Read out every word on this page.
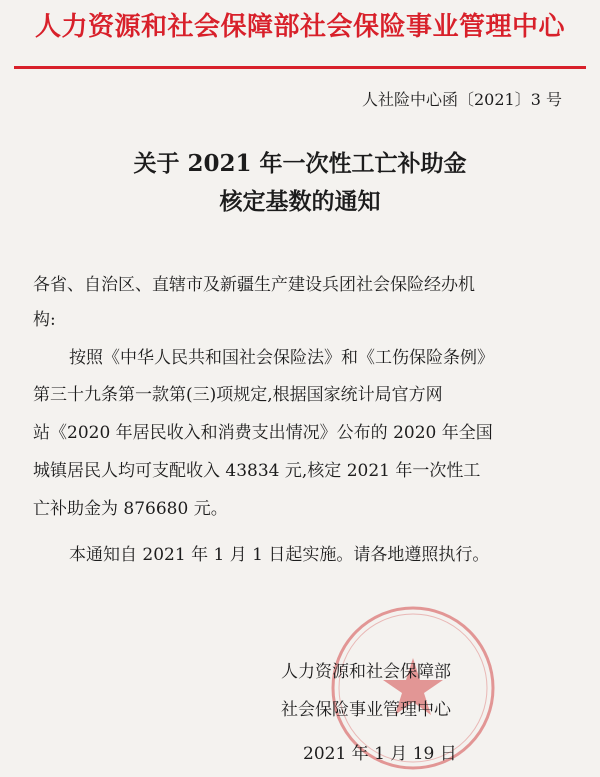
人力资源和社会保障部社会保险事业管理中心
人社险中心函〔2021〕3 号
关于 2021 年一次性工亡补助金
核定基数的通知
各省、自治区、直辖市及新疆生产建设兵团社会保险经办机
构:
按照《中华人民共和国社会保险法》和《工伤保险条例》
第三十九条第一款第(三)项规定,根据国家统计局官方网
站《2020 年居民收入和消费支出情况》公布的 2020 年全国
城镇居民人均可支配收入 43834 元,核定 2021 年一次性工
亡补助金为 876680 元。
本通知自 2021 年 1 月 1 日起实施。请各地遵照执行。
人力资源和社会保障部
社会保险事业管理中心
2021 年 1 月 19 日
